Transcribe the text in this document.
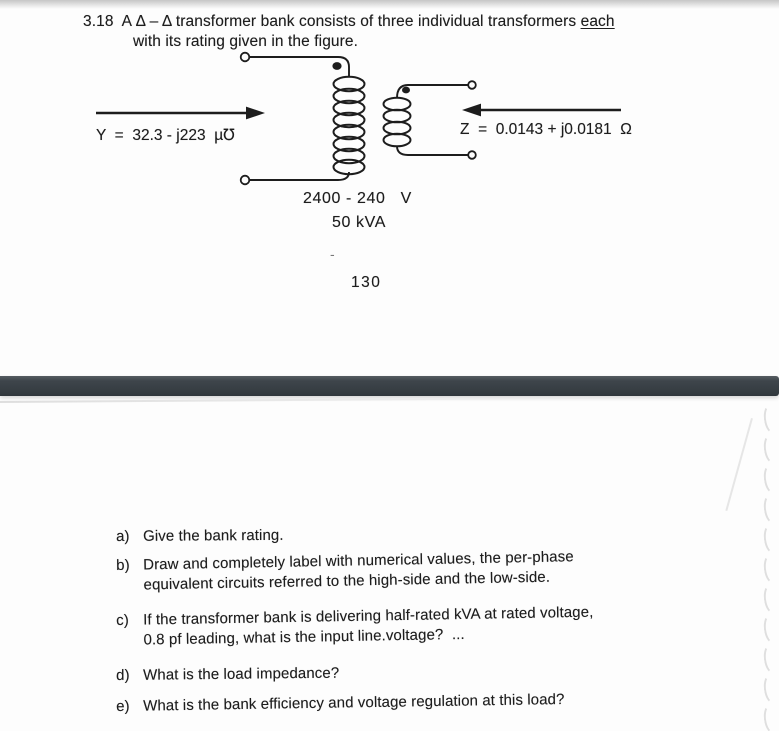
3.18 A Δ – Δ transformer bank consists of three individual transformers each
with its rating given in the figure.
Y  =  32.3 - j223  µ℧	Z  =  0.0143 + j0.0181  Ω
2400 - 240   V
50 kVA
-
130
a) Give the bank rating.
b) Draw and completely label with numerical values, the per-phase
equivalent circuits referred to the high-side and the low-side.
c) If the transformer bank is delivering half-rated kVA at rated voltage,
0.8 pf leading, what is the input line.voltage?  ...
d) What is the load impedance?
e) What is the bank efficiency and voltage regulation at this load?
